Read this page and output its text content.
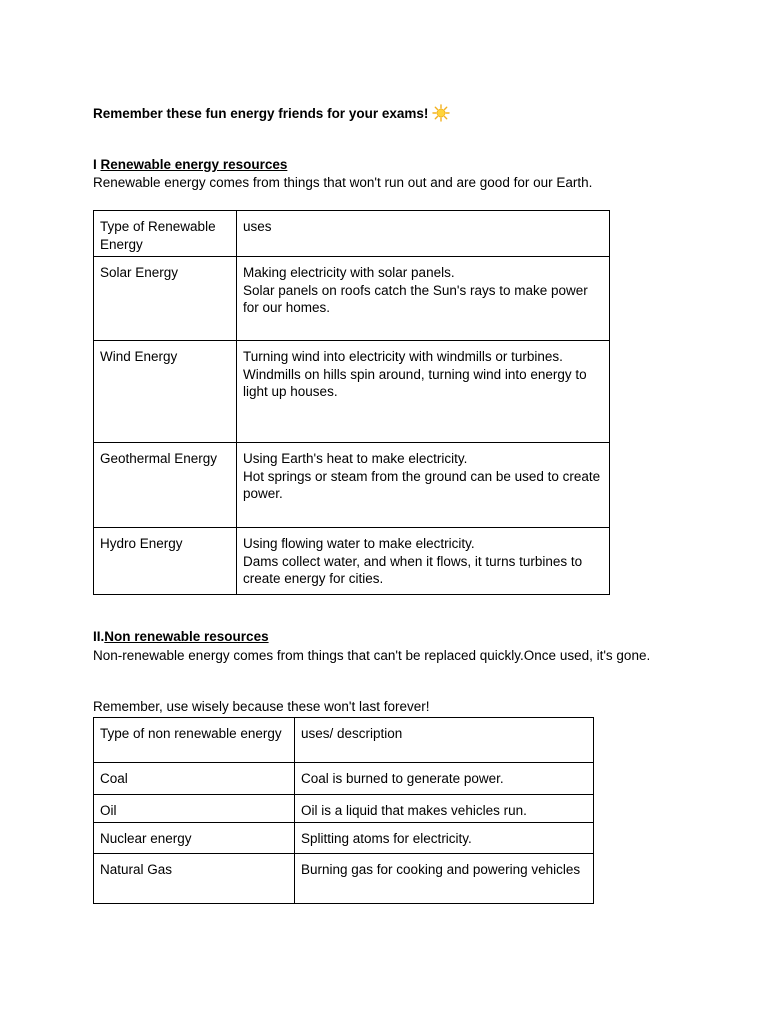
Remember these fun energy friends for your exams!
I Renewable energy resources
Renewable energy comes from things that won't run out and are good for our Earth.
Type of Renewable Energy	uses
Solar Energy	Making electricity with solar panels.
Solar panels on roofs catch the Sun's rays to make power for our homes.

Wind Energy	Turning wind into electricity with windmills or turbines.
Windmills on hills spin around, turning wind into energy to light up houses.

Geothermal Energy	Using Earth's heat to make electricity.
Hot springs or steam from the ground can be used to create power.

Hydro Energy	Using flowing water to make electricity.
Dams collect water, and when it flows, it turns turbines to create energy for cities.
II.Non renewable resources
Non-renewable energy comes from things that can't be replaced quickly.Once used, it's gone.
Remember, use wisely because these won't last forever!
Type of non renewable energy	uses/ description
Coal	Coal is burned to generate power.
Oil	Oil is a liquid that makes vehicles run.
Nuclear energy	Splitting atoms for electricity.
Natural Gas	Burning gas for cooking and powering vehicles
